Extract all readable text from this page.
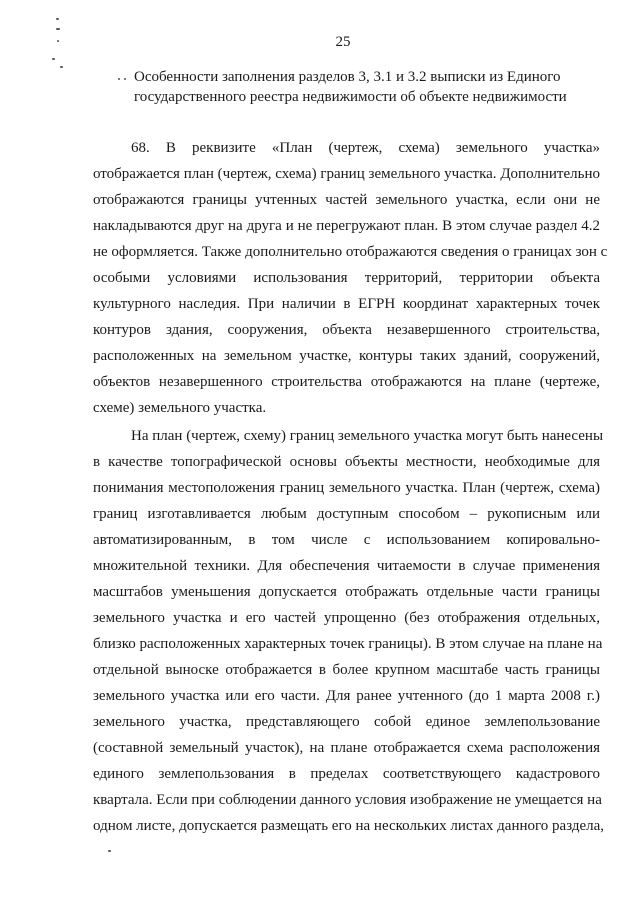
25
Особенности заполнения разделов 3, 3.1 и 3.2 выписки из Единого
государственного реестра недвижимости об объекте недвижимости
68. В реквизите «План (чертеж, схема) земельного участка»
отображается план (чертеж, схема) границ земельного участка. Дополнительно
отображаются границы учтенных частей земельного участка, если они не
накладываются друг на друга и не перегружают план. В этом случае раздел 4.2
не оформляется. Также дополнительно отображаются сведения о границах зон с
особыми условиями использования территорий, территории объекта
культурного наследия. При наличии в ЕГРН координат характерных точек
контуров здания, сооружения, объекта незавершенного строительства,
расположенных на земельном участке, контуры таких зданий, сооружений,
объектов незавершенного строительства отображаются на плане (чертеже,
схеме) земельного участка.
На план (чертеж, схему) границ земельного участка могут быть нанесены
в качестве топографической основы объекты местности, необходимые для
понимания местоположения границ земельного участка. План (чертеж, схема)
границ изготавливается любым доступным способом – рукописным или
автоматизированным, в том числе с использованием копировально-
множительной техники. Для обеспечения читаемости в случае применения
масштабов уменьшения допускается отображать отдельные части границы
земельного участка и его частей упрощенно (без отображения отдельных,
близко расположенных характерных точек границы). В этом случае на плане на
отдельной выноске отображается в более крупном масштабе часть границы
земельного участка или его части. Для ранее учтенного (до 1 марта 2008 г.)
земельного участка, представляющего собой единое землепользование
(составной земельный участок), на плане отображается схема расположения
единого землепользования в пределах соответствующего кадастрового
квартала. Если при соблюдении данного условия изображение не умещается на
одном листе, допускается размещать его на нескольких листах данного раздела,
